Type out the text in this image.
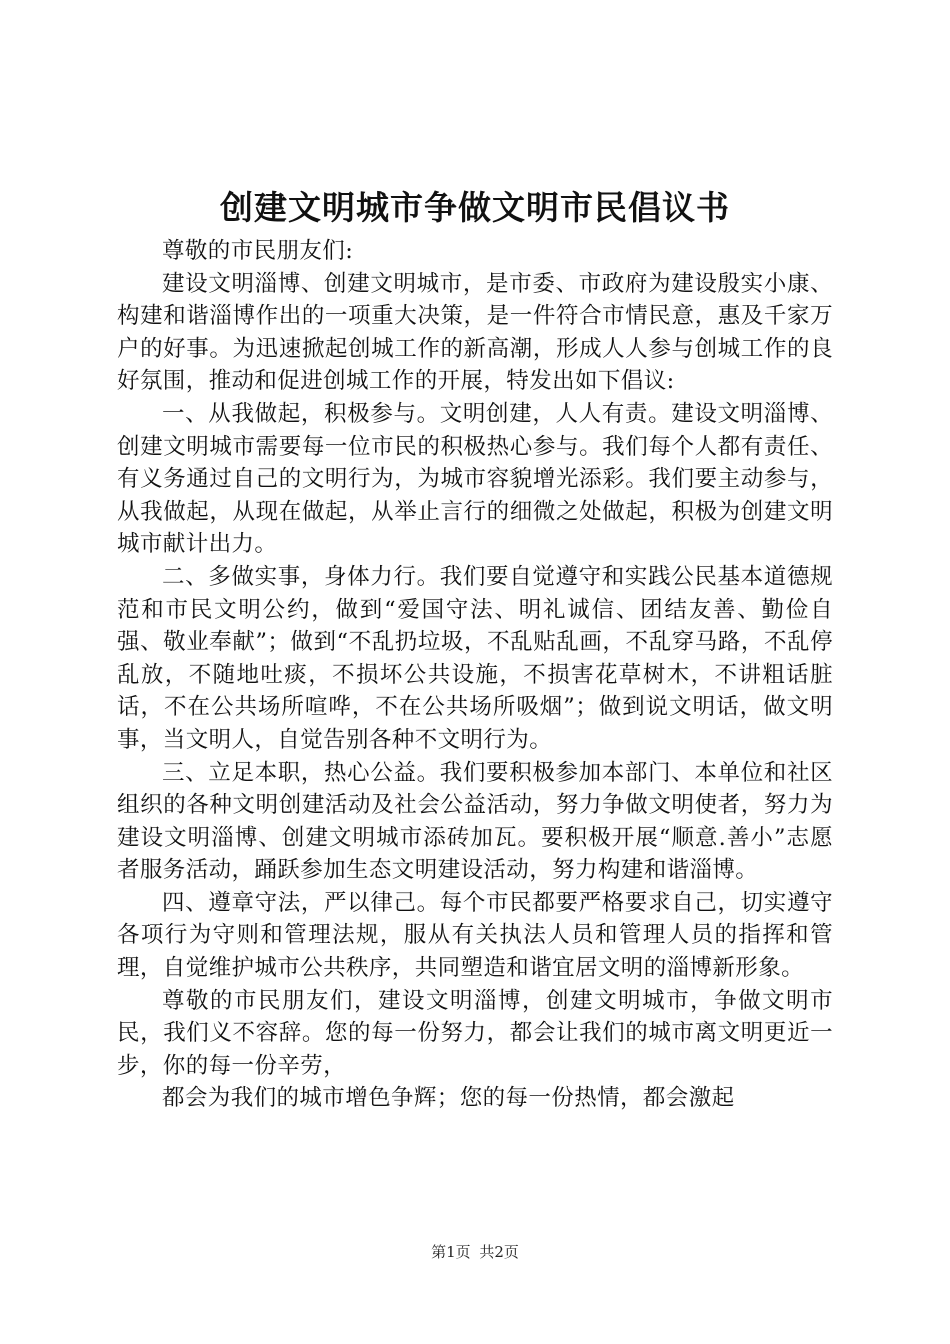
创建文明城市争做文明市民倡议书

尊敬的市民朋友们:

建设文明淄博、创建文明城市，是市委、市政府为建设殷实小康、构建和谐淄博作出的一项重大决策，是一件符合市情民意，惠及千家万户的好事。为迅速掀起创城工作的新高潮，形成人人参与创城工作的良好氛围，推动和促进创城工作的开展，特发出如下倡议:

一、从我做起，积极参与。文明创建，人人有责。建设文明淄博、创建文明城市需要每一位市民的积极热心参与。我们每个人都有责任、有义务通过自己的文明行为，为城市容貌增光添彩。我们要主动参与，从我做起，从现在做起，从举止言行的细微之处做起，积极为创建文明城市献计出力。

二、多做实事，身体力行。我们要自觉遵守和实践公民基本道德规范和市民文明公约，做到“爱国守法、明礼诚信、团结友善、勤俭自强、敬业奉献”；做到“不乱扔垃圾，不乱贴乱画，不乱穿马路，不乱停乱放，不随地吐痰，不损坏公共设施，不损害花草树木，不讲粗话脏话，不在公共场所喧哗，不在公共场所吸烟”；做到说文明话，做文明事，当文明人，自觉告别各种不文明行为。

三、立足本职，热心公益。我们要积极参加本部门、本单位和社区组织的各种文明创建活动及社会公益活动，努力争做文明使者，努力为建设文明淄博、创建文明城市添砖加瓦。要积极开展“顺意.善小”志愿者服务活动，踊跃参加生态文明建设活动，努力构建和谐淄博。

四、遵章守法，严以律己。每个市民都要严格要求自己，切实遵守各项行为守则和管理法规，服从有关执法人员和管理人员的指挥和管理，自觉维护城市公共秩序，共同塑造和谐宜居文明的淄博新形象。

尊敬的市民朋友们，建设文明淄博，创建文明城市，争做文明市民，我们义不容辞。您的每一份努力，都会让我们的城市离文明更近一步，你的每一份辛劳，

都会为我们的城市增色争辉；您的每一份热情，都会激起

第1页 共2页
